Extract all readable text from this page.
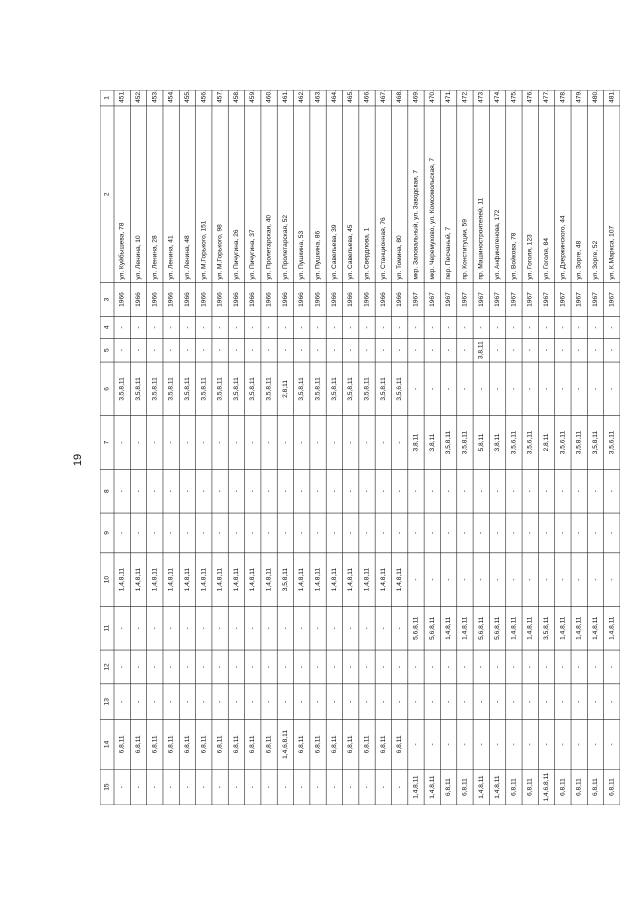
19
1
2
3
4
5
6
7
8
9
10
11
12
13
14
15
451.
ул. Куйбышева, 78
1966
-
-
3,5,8,11
-
-
-
1,4,8,11
-
-
-
6,8,11
-
452.
ул. Ленина, 10
1966
-
-
3,5,8,11
-
-
-
1,4,8,11
-
-
-
6,8,11
-
453.
ул. Ленина, 28
1966
-
-
3,5,8,11
-
-
-
1,4,8,11
-
-
-
6,8,11
-
454.
ул. Ленина, 41
1966
-
-
3,5,8,11
-
-
-
1,4,8,11
-
-
-
6,8,11
-
455.
ул. Ленина, 48
1966
-
-
3,5,8,11
-
-
-
1,4,8,11
-
-
-
6,8,11
-
456.
ул. М.Горького, 151
1966
-
-
3,5,8,11
-
-
-
1,4,8,11
-
-
-
6,8,11
-
457.
ул. М.Горького, 98
1966
-
-
3,5,8,11
-
-
-
1,4,8,11
-
-
-
6,8,11
-
458.
ул. Пичугина, 26
1966
-
-
3,5,8,11
-
-
-
1,4,8,11
-
-
-
6,8,11
-
459.
ул. Пичугина, 37
1966
-
-
3,5,8,11
-
-
-
1,4,8,11
-
-
-
6,8,11
-
460.
ул. Пролетарская, 40
1966
-
-
3,5,8,11
-
-
-
1,4,8,11
-
-
-
6,8,11
-
461.
ул. Пролетарская, 52
1966
-
-
2,8,11
-
-
-
3,5,8,11
-
-
-
1,4,6,8,11
-
462.
ул. Пушкина, 53
1966
-
-
3,5,8,11
-
-
-
1,4,8,11
-
-
-
6,8,11
-
463.
ул. Пушкина, 86
1966
-
-
3,5,8,11
-
-
-
1,4,8,11
-
-
-
6,8,11
-
464.
ул. Савельева, 39
1966
-
-
3,5,8,11
-
-
-
1,4,8,11
-
-
-
6,8,11
-
465.
ул. Савельева, 45
1966
-
-
3,5,8,11
-
-
-
1,4,8,11
-
-
-
6,8,11
-
466.
ул. Свердлова, 1
1966
-
-
3,5,8,11
-
-
-
1,4,8,11
-
-
-
6,8,11
-
467.
ул. Станционная, 76
1966
-
-
3,5,8,11
-
-
-
1,4,8,11
-
-
-
6,8,11
-
468.
ул. Томина, 80
1966
-
-
3,5,6,11
-
-
-
1,4,8,11
-
-
-
6,8,11
-
469.
мкр. Заповальный, ул. Заводская, 7
1967
-
-
-
3,8,11
-
-
-
5,6,8,11
-
-
-
1,4,8,11
470.
мкр. Черемухово, ул. Комсомольская, 7
1967
-
-
-
3,8,11
-
-
-
5,6,8,11
-
-
-
1,4,8,11
471.
пер. Песчаный, 7
1967
-
-
-
3,5,8,11
-
-
-
1,4,8,11
-
-
-
6,8,11
472.
пр. Конституции, 59
1967
-
-
-
3,5,8,11
-
-
-
1,4,8,11
-
-
-
6,8,11
473.
пр. Машиностроителей, 11
1967
-
3,8,11
-
5,8,11
-
-
-
5,6,8,11
-
-
-
1,4,8,11
474.
ул. Анфиногенова, 172
1967
-
-
-
3,8,11
-
-
-
5,6,8,11
-
-
-
1,4,8,11
475.
ул. Войкова, 78
1967
-
-
-
3,5,6,11
-
-
-
1,4,8,11
-
-
-
6,8,11
476.
ул. Гоголя, 123
1967
-
-
-
3,5,6,11
-
-
-
1,4,8,11
-
-
-
6,8,11
477.
ул. Гоголя, 84
1967
-
-
-
2,8,11
-
-
-
3,5,8,11
-
-
-
1,4,6,8,11
478.
ул. Дзержинского, 44
1967
-
-
-
3,5,6,11
-
-
-
1,4,8,11
-
-
-
6,8,11
479.
ул. Зорге, 48
1967
-
-
-
3,5,8,11
-
-
-
1,4,8,11
-
-
-
6,8,11
480.
ул. Зорге, 52
1967
-
-
-
3,5,8,11
-
-
-
1,4,8,11
-
-
-
6,8,11
481.
ул. К.Маркса, 107
1967
-
-
-
3,5,6,11
-
-
-
1,4,8,11
-
-
-
6,8,11
